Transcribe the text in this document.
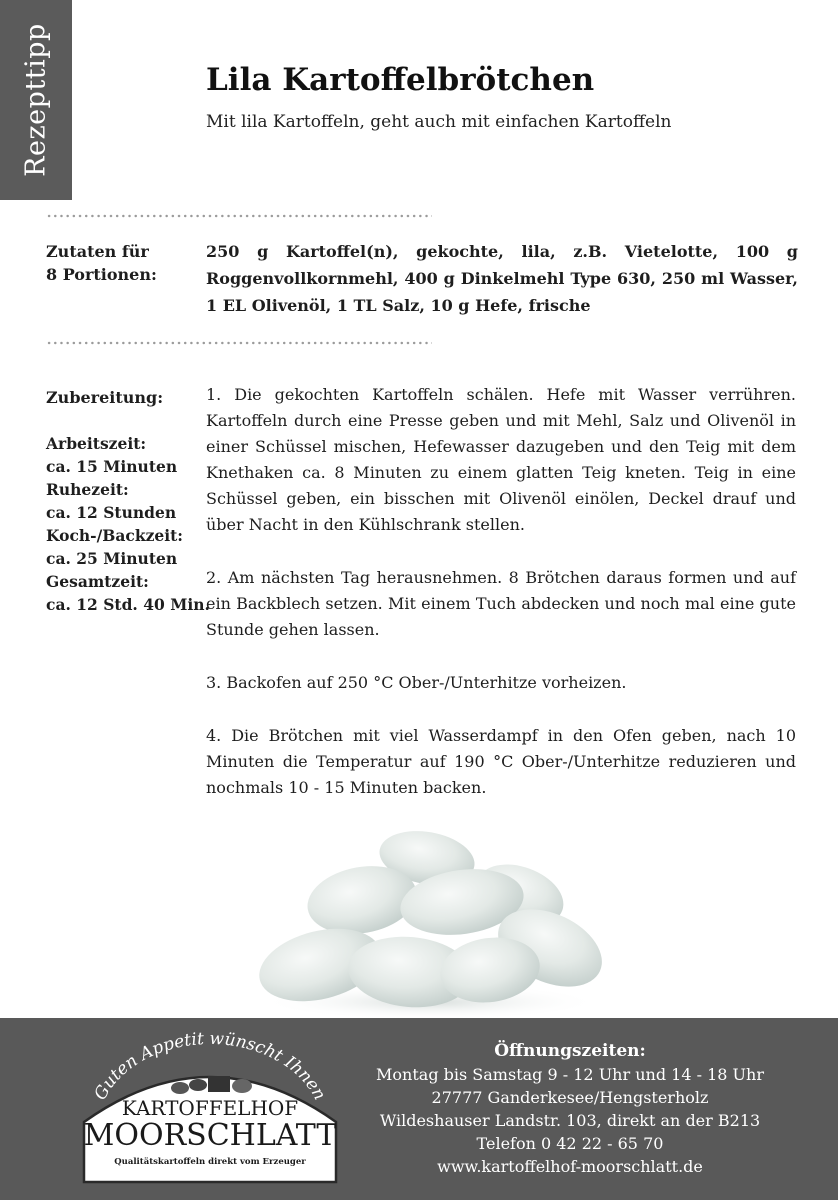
Rezepttipp	Lila Kartoffelbrötchen
Mit lila Kartoffeln, geht auch mit einfachen Kartoffeln
Zutaten für
8 Portionen:
250 g Kartoffel(n), gekochte, lila, z.B. Vietelotte, 100 g Roggenvollkornmehl, 400 g Dinkelmehl Type 630, 250 ml Wasser, 1 EL Olivenöl, 1 TL Salz, 10 g Hefe, frische
Zubereitung:
Arbeitszeit:
ca. 15 Minuten
Ruhezeit:
ca. 12 Stunden
Koch-/Backzeit:
ca. 25 Minuten
Gesamtzeit:
ca. 12 Std. 40 Min.

1. Die gekochten Kartoffeln schälen. Hefe mit Wasser verrühren. Kartoffeln durch eine Presse geben und mit Mehl, Salz und Olivenöl in einer Schüssel mischen, Hefewasser dazugeben und den Teig mit dem Knethaken ca. 8 Minuten zu einem glatten Teig kneten. Teig in eine Schüssel geben, ein bisschen mit Olivenöl einölen, Deckel drauf und über Nacht in den Kühlschrank stellen.

2. Am nächsten Tag herausnehmen. 8 Brötchen daraus formen und auf ein Backblech setzen. Mit einem Tuch abdecken und noch mal eine gute Stunde gehen lassen.

3. Backofen auf 250 °C Ober-/Unterhitze vorheizen.

4. Die Brötchen mit viel Wasserdampf in den Ofen geben, nach 10 Minuten die Temperatur auf 190 °C Ober-/Unterhitze reduzieren und nochmals 10 - 15 Minuten backen.

Guten Appetit wünscht Ihnen
KARTOFFELHOF
MOORSCHLATT
Qualitätskartoffeln direkt vom Erzeuger
Öffnungszeiten:
Montag bis Samstag 9 - 12 Uhr und 14 - 18 Uhr
27777 Ganderkesee/Hengsterholz
Wildeshauser Landstr. 103, direkt an der B213
Telefon 0 42 22 - 65 70
www.kartoffelhof-moorschlatt.de
